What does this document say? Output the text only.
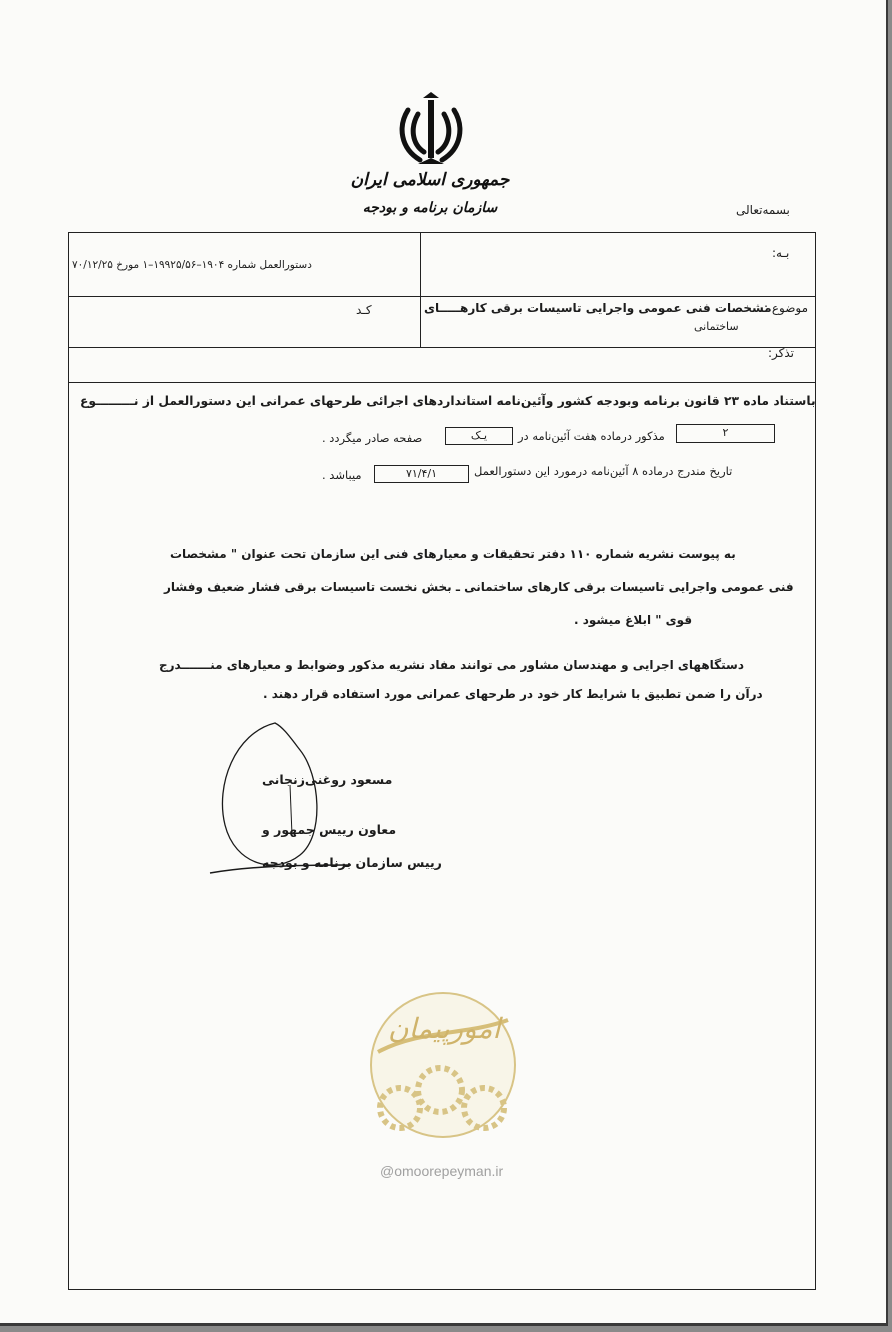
جمهوری اسلامی ایران
سازمان برنامه و بودجه	بسمه‌تعالی
بـه:
دستورالعمل شماره ۱۹۰۴–۱۹۹۲۵/۵۶–۱ مورخ ۷۰/۱۲/۲۵
موضوع :
مشخصات فنی عمومی واجرایی تاسیسات برقی کارهـــــای
ساختمانی
کـد
تذکر:
باستناد ماده ۲۳ قانون برنامه وبودجه کشور وآئین‌نامه استانداردهای اجرائی طرحهای عمرانی این دستورالعمل از نـــــــــوع
۲
مذکور درماده هفت آئین‌نامه در
یـک
صفحه صادر میگردد .
تاریخ مندرج درماده ۸ آئین‌نامه درمورد این دستورالعمل
۷۱/۴/۱
میباشد .
به پیوست نشریه شماره ۱۱۰ دفتر تحقیقات و معیارهای فنی این سازمان تحت عنوان " مشخصات
فنی عمومی واجرایی تاسیسات برقی کارهای ساختمانی ـ بخش نخست تاسیسات برقی فشار ضعیف وفشار
قوی " ابلاغ میشود .
دستگاههای اجرایی و مهندسان مشاور می توانند مفاد نشریه مذکور وضوابط و معیارهای منـــــــدرج
درآن را ضمن تطبیق با شرایط کار خود در طرحهای عمرانی مورد استفاده قرار دهند .
مسعود روغنی‌زنجانی
معاون رییس جمهور و
رییس سازمان برنامه و بودجه
امورپیمان
@omoorepeyman.ir
